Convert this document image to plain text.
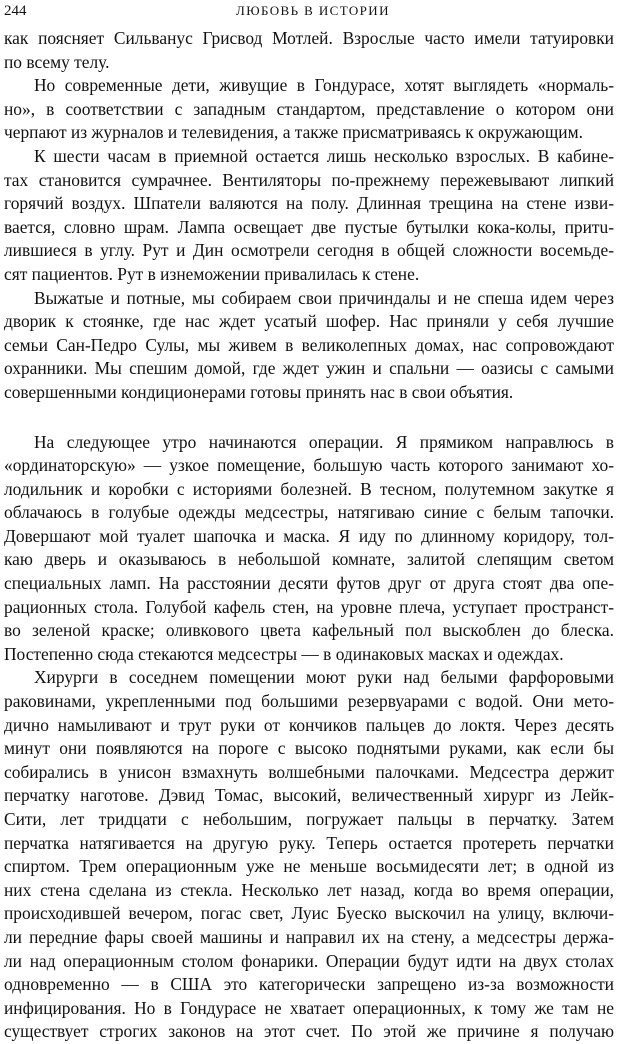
244	ЛЮБОВЬ В ИСТОРИИ
как поясняет Сильванус Грисвод Мотлей. Взрослые часто имели татуировки
по всему телу.
Но современные дети, живущие в Гондурасе, хотят выглядеть «нормаль-
но», в соответствии с западным стандартом, представление о котором они
черпают из журналов и телевидения, а также присматриваясь к окружающим.
К шести часам в приемной остается лишь несколько взрослых. В кабине-
тах становится сумрачнее. Вентиляторы по-прежнему пережевывают липкий
горячий воздух. Шпатели валяются на полу. Длинная трещина на стене изви-
вается, словно шрам. Лампа освещает две пустые бутылки кока-колы, притu-
лившиеся в углу. Рут и Дин осмотрели сегодня в общей сложности восемьде-
сят пациентов. Рут в изнеможении привалилась к стене.
Выжатые и потные, мы собираем свои причиндалы и не спеша идем через
дворик к стоянке, где нас ждет усатый шофер. Нас приняли у себя лучшие
семьи Сан-Педро Сулы, мы живем в великолепных домах, нас сопровождают
охранники. Мы спешим домой, где ждет ужин и спальни — оазисы с самыми
совершенными кондиционерами готовы принять нас в свои объятия.
На следующее утро начинаются операции. Я прямиком направлюсь в
«ординаторскую» — узкое помещение, большую часть которого занимают хо-
лодильник и коробки с историями болезней. В тесном, полутемном закутке я
облачаюсь в голубые одежды медсестры, натягиваю синие с белым тапочки.
Довершают мой туалет шапочка и маска. Я иду по длинному коридору, тол-
каю дверь и оказываюсь в небольшой комнате, залитой слепящим светом
специальных ламп. На расстоянии десяти футов друг от друга стоят два опе-
рационных стола. Голубой кафель стен, на уровне плеча, уступает пространст-
во зеленой краске; оливкового цвета кафельный пол выскоблен до блеска.
Постепенно сюда стекаются медсестры — в одинаковых масках и одеждах.
Хирурги в соседнем помещении моют руки над белыми фарфоровыми
раковинами, укрепленными под большими резервуарами с водой. Они мето-
дично намыливают и трут руки от кончиков пальцев до локтя. Через десять
минут они появляются на пороге с высоко поднятыми руками, как если бы
собирались в унисон взмахнуть волшебными палочками. Медсестра держит
перчатку наготове. Дэвид Томас, высокий, величественный хирург из Лейк-
Сити, лет тридцати с небольшим, погружает пальцы в перчатку. Затем
перчатка натягивается на другую руку. Теперь остается протереть перчатки
спиртом. Трем операционным уже не меньше восьмидесяти лет; в одной из
них стена сделана из стекла. Несколько лет назад, когда во время операции,
происходившей вечером, погас свет, Луис Буеско выскочил на улицу, включи-
ли передние фары своей машины и направил их на стену, а медсестры держа-
ли над операционным столом фонарики. Операции будут идти на двух столах
одновременно — в США это категорически запрещено из-за возможности
инфицирования. Но в Гондурасе не хватает операционных, к тому же там не
существует строгих законов на этот счет. По этой же причине я получаю
